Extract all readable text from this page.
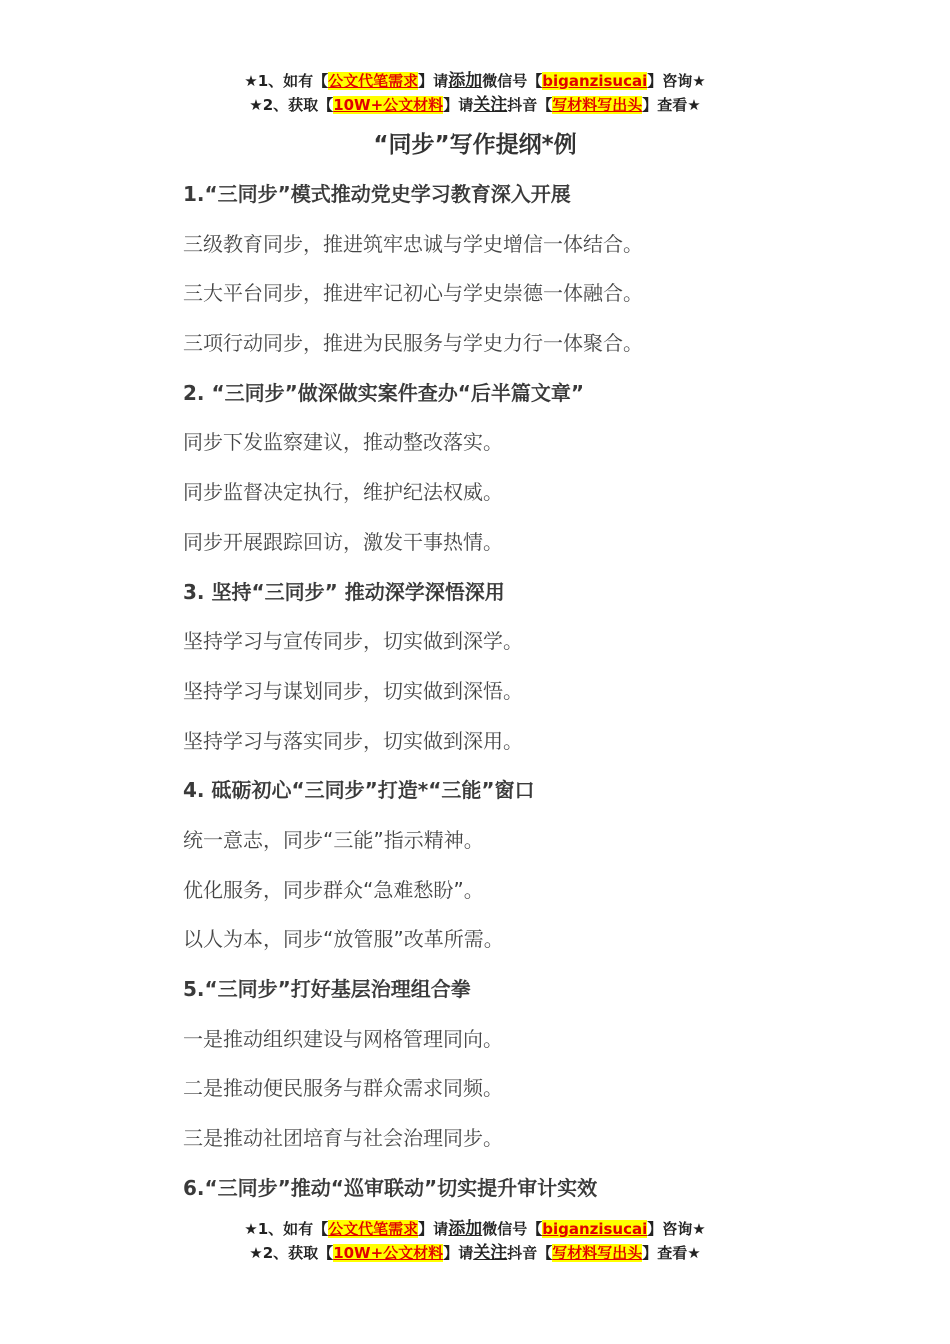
★1、如有【公文代笔需求】请添加微信号【biganzisucai】咨询★
★2、获取【10W+公文材料】请关注抖音【写材料写出头】查看★
“同步”写作提纲*例
1.“三同步”模式推动党史学习教育深入开展
三级教育同步，推进筑牢忠诚与学史增信一体结合。
三大平台同步，推进牢记初心与学史崇德一体融合。
三项行动同步，推进为民服务与学史力行一体聚合。
2. “三同步”做深做实案件查办“后半篇文章”
同步下发监察建议，推动整改落实。
同步监督决定执行，维护纪法权威。
同步开展跟踪回访，激发干事热情。
3. 坚持“三同步” 推动深学深悟深用
坚持学习与宣传同步，切实做到深学。
坚持学习与谋划同步，切实做到深悟。
坚持学习与落实同步，切实做到深用。
4. 砥砺初心“三同步”打造*“三能”窗口
统一意志，同步“三能”指示精神。
优化服务，同步群众“急难愁盼”。
以人为本，同步“放管服”改革所需。
5.“三同步”打好基层治理组合拳
一是推动组织建设与网格管理同向。
二是推动便民服务与群众需求同频。
三是推动社团培育与社会治理同步。
6.“三同步”推动“巡审联动”切实提升审计实效
★1、如有【公文代笔需求】请添加微信号【biganzisucai】咨询★
★2、获取【10W+公文材料】请关注抖音【写材料写出头】查看★
